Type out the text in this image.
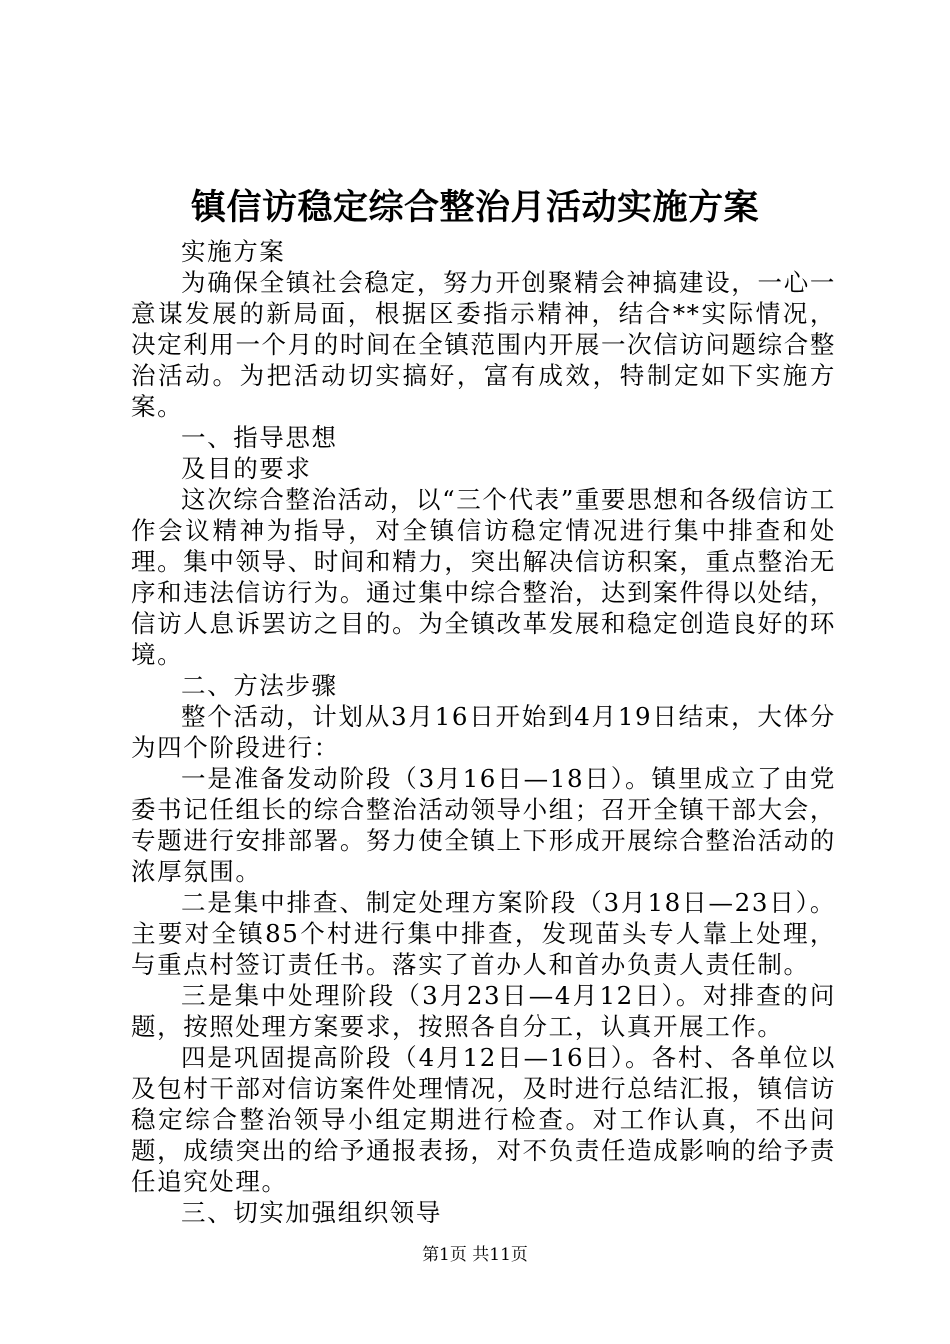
镇信访稳定综合整治月活动实施方案

实施方案

为确保全镇社会稳定，努力开创聚精会神搞建设，一心一意谋发展的新局面，根据区委指示精神，结合**实际情况，决定利用一个月的时间在全镇范围内开展一次信访问题综合整治活动。为把活动切实搞好，富有成效，特制定如下实施方案。

一、指导思想

及目的要求

这次综合整治活动，以“三个代表”重要思想和各级信访工作会议精神为指导，对全镇信访稳定情况进行集中排查和处理。集中领导、时间和精力，突出解决信访积案，重点整治无序和违法信访行为。通过集中综合整治，达到案件得以处结，信访人息诉罢访之目的。为全镇改革发展和稳定创造良好的环境。

二、方法步骤

整个活动，计划从3月16日开始到4月19日结束，大体分为四个阶段进行：

一是准备发动阶段（3月16日—18日）。镇里成立了由党委书记任组长的综合整治活动领导小组；召开全镇干部大会，专题进行安排部署。努力使全镇上下形成开展综合整治活动的浓厚氛围。

二是集中排查、制定处理方案阶段（3月18日—23日）。主要对全镇85个村进行集中排查，发现苗头专人靠上处理，与重点村签订责任书。落实了首办人和首办负责人责任制。

三是集中处理阶段（3月23日—4月12日）。对排查的问题，按照处理方案要求，按照各自分工，认真开展工作。

四是巩固提高阶段（4月12日—16日）。各村、各单位以及包村干部对信访案件处理情况，及时进行总结汇报，镇信访稳定综合整治领导小组定期进行检查。对工作认真，不出问题，成绩突出的给予通报表扬，对不负责任造成影响的给予责任追究处理。

三、切实加强组织领导

第1页 共11页
